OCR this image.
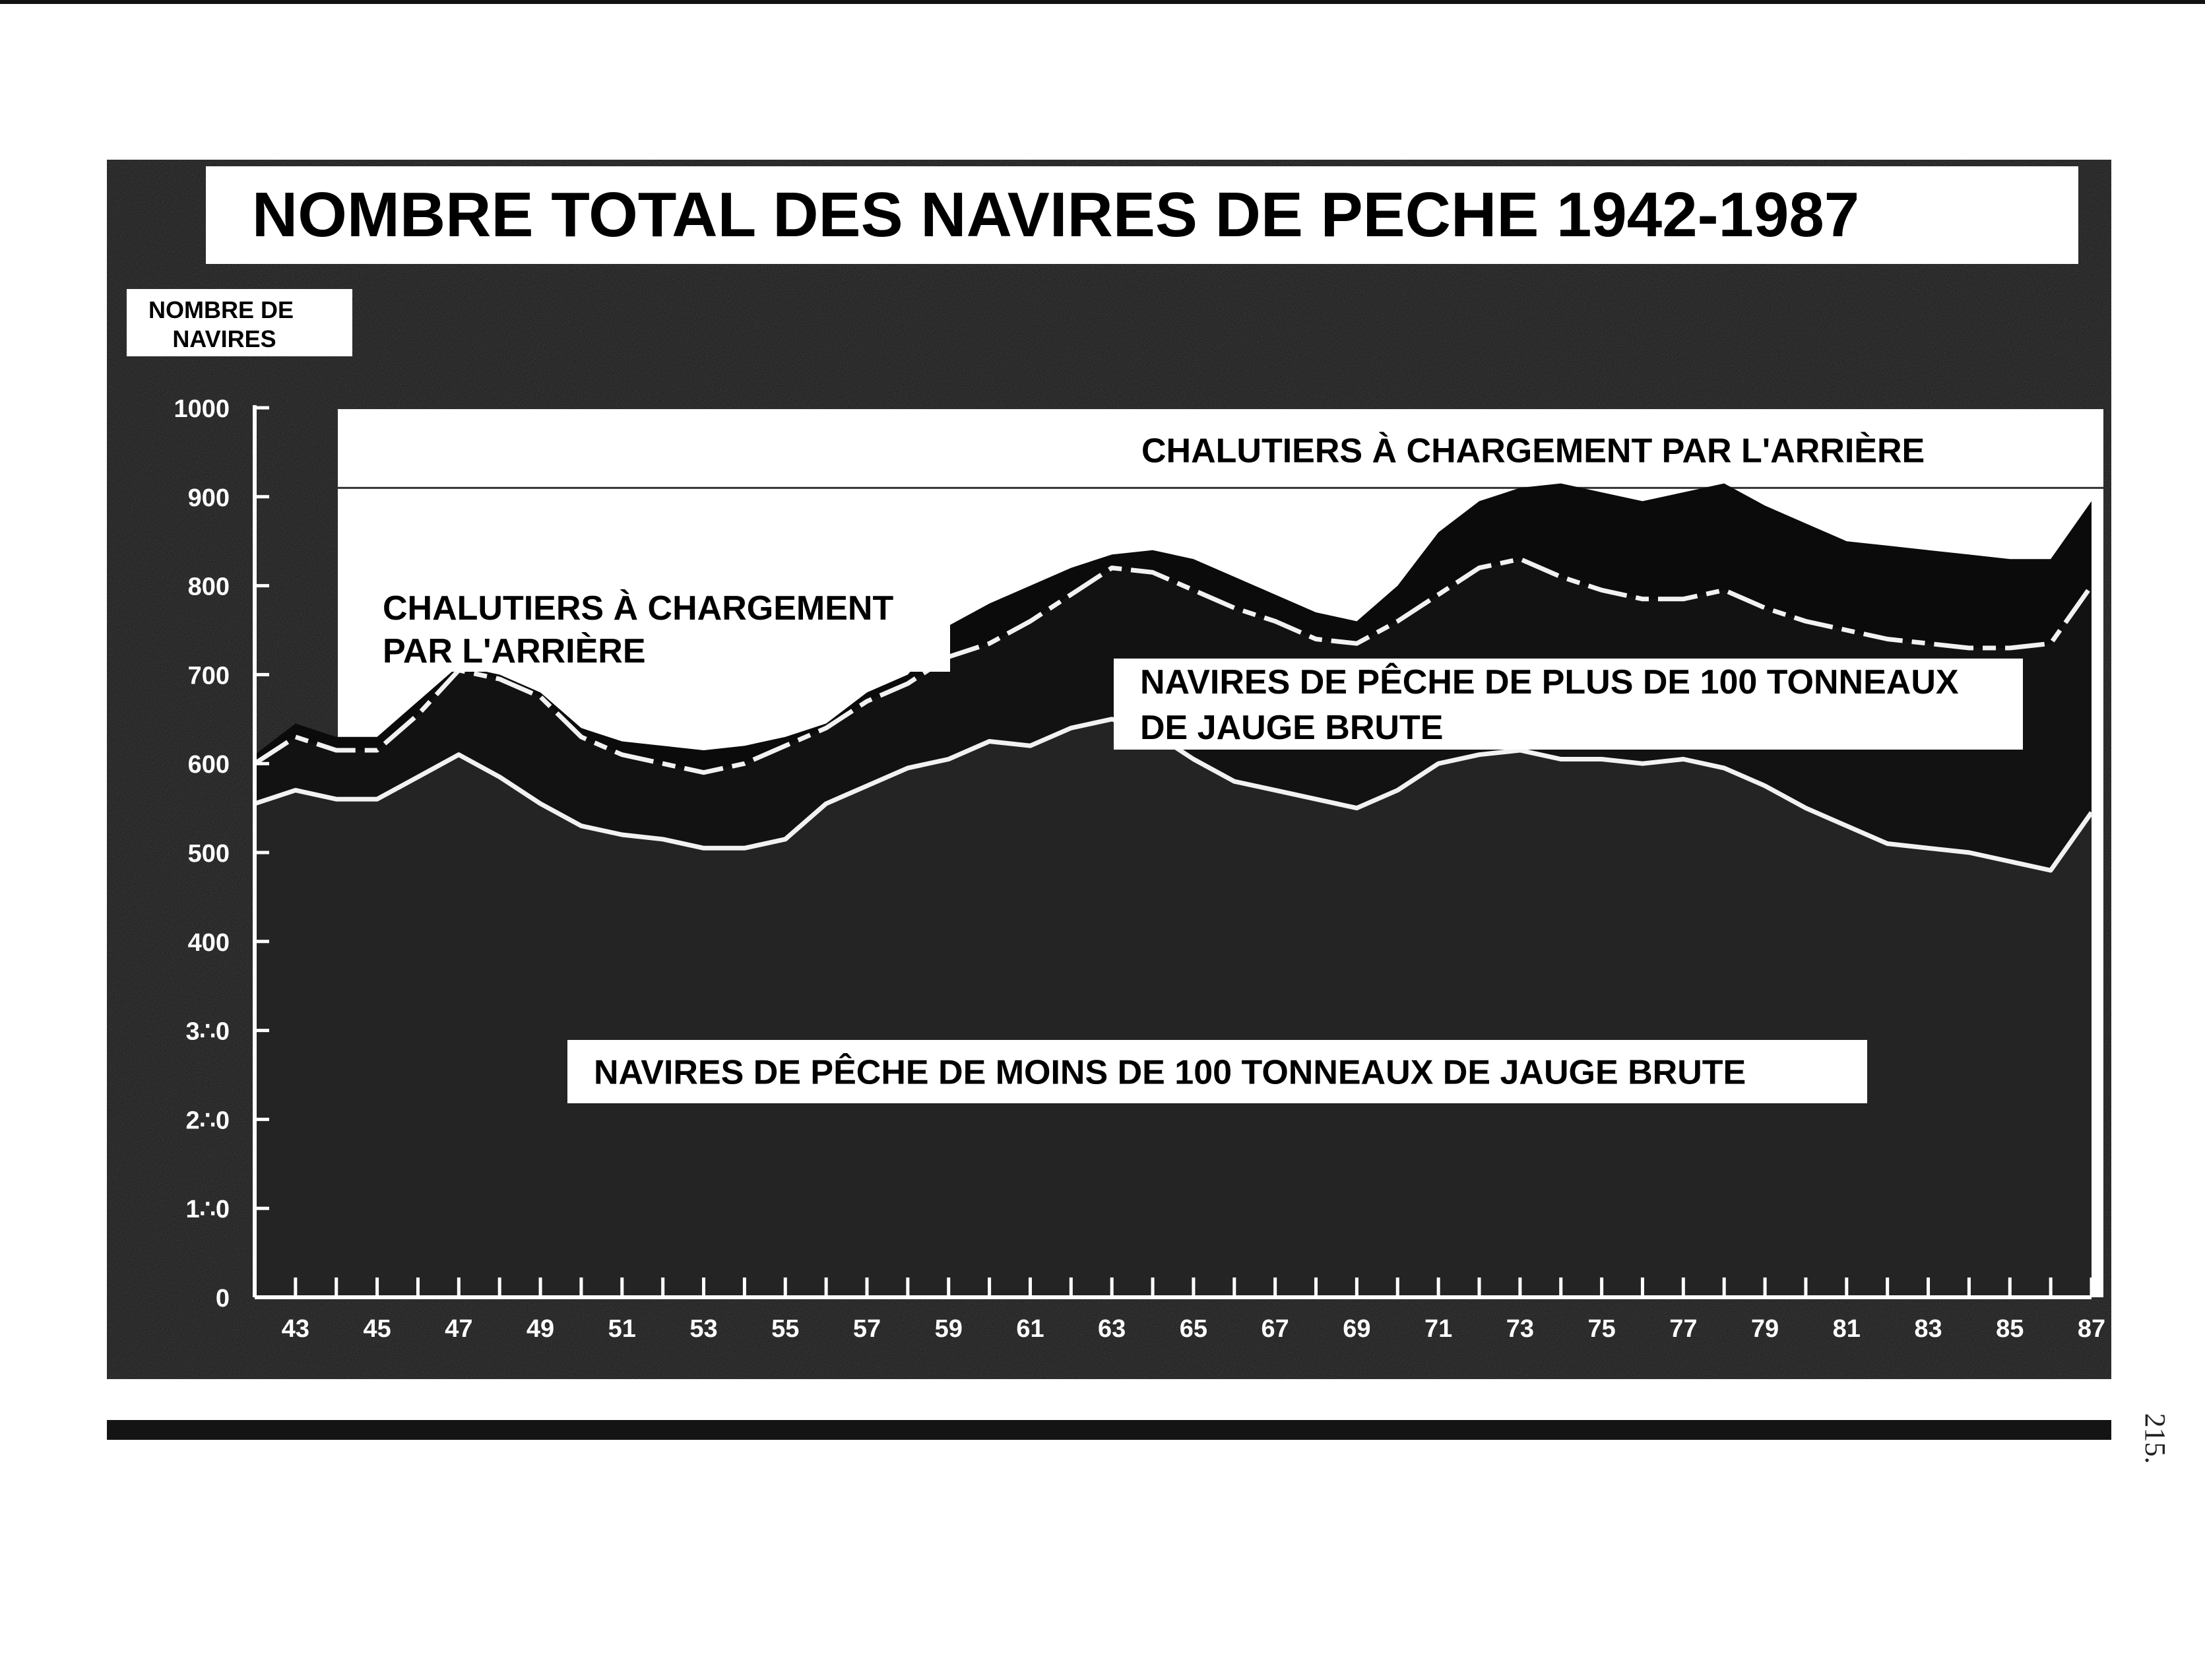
NOMBRE TOTAL DES NAVIRES DE PECHE 1942-1987
NOMBRE DE NAVIRES
0
1∴0
2∴0
3∴0
400
500
600
700
800
900
1000
43 45 47 49 51 53 55 57 59 61 63 65 67 69 71 73 75 77 79 81 83 85 87
CHALUTIERS À CHARGEMENT PAR L'ARRIÈRE
CHALUTIERS À CHARGEMENT
PAR L'ARRIÈRE
NAVIRES DE PÊCHE DE PLUS DE 100 TONNEAUX
DE JAUGE BRUTE
NAVIRES DE PÊCHE DE MOINS DE 100 TONNEAUX DE JAUGE BRUTE
215.
